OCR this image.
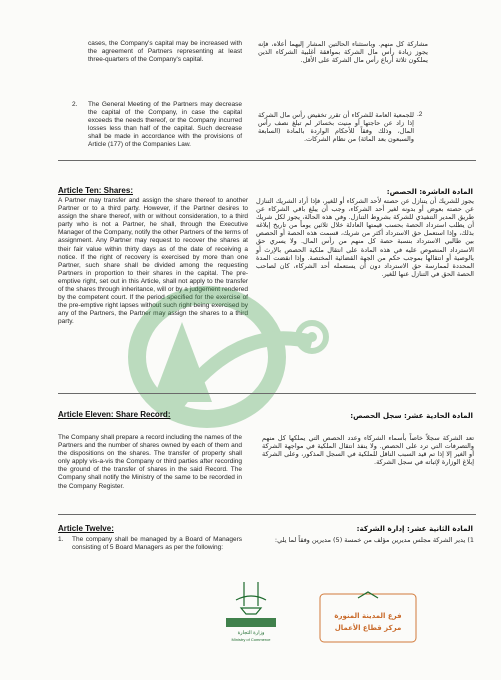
cases, the Company's capital may be increased with the agreement of Partners representing at least three-quarters of the Company's capital.
مشاركة كل منهم. وباستثناء الحالتين المشار إليهما أعلاه، فإنه يجوز زيادة رأس مال الشركة بموافقة أغلبية الشركاء الذين يملكون ثلاثة أرباع رأس مال الشركة على الأقل.
2. The General Meeting of the Partners may decrease the capital of the Company, in case the capital exceeds the needs thereof, or the Company incurred losses less than half of the capital. Such decrease shall be made in accordance with the provisions of Article (177) of the Companies Law.
.2
للجمعية العامة للشركاء أن تقرر تخفيض رأس مال الشركة إذا زاد عن حاجتها أو منيت بخسائر لم تبلغ نصف رأس المال، وذلك وفقاً للأحكام الواردة بالمادة (السابعة والسبعون بعد المائة) من نظام الشركات.
Article Ten: Shares:	المادة العاشرة: الحصص:
A Partner may transfer and assign the share thereof to another Partner or to a third party. However, if the Partner desires to assign the share thereof, with or without consideration, to a third party who is not a Partner, he shall, through the Executive Manager of the Company, notify the other Partners of the terms of assignment. Any Partner may request to recover the shares at their fair value within thirty days as of the date of receiving a notice. If the right of recovery is exercised by more than one Partner, such share shall be divided among the requesting Partners in proportion to their shares in the capital. The pre-emptive right, set out in this Article, shall not apply to the transfer of the shares through inheritance, will or by a judgement rendered by the competent court. If the period specified for the exercise of the pre-emptive right lapses without such right being exercised by any of the Partners, the Partner may assign the shares to a third party.
يجوز للشريك أن يتنازل عن حصته لأحد الشركاء أو للغير، فإذا أراد الشريك التنازل عن حصته بعوض أو بدونه لغير أحد الشركاء، وجب أن يبلغ باقي الشركاء عن طريق المدير التنفيذي للشركة بشروط التنازل. وفي هذه الحالة، يجوز لكل شريك أن يطلب استرداد الحصة بحسب قيمتها العادلة خلال ثلاثين يوماً من تاريخ إبلاغه بذلك، وإذا استعمل حق الاسترداد أكثر من شريك، قسمت هذه الحصة أو الحصص بين طالبي الاسترداد بنسبة حصة كل منهم من رأس المال. ولا يسري حق الاسترداد المنصوص عليه في هذه المادة على انتقال ملكية الحصص بالإرث أو بالوصية أو انتقالها بموجب حكم من الجهة القضائية المختصة. وإذا انقضت المدة المحددة لممارسة حق الاسترداد دون أن يستعمله أحد الشركاء، كان لصاحب الحصة الحق في التنازل عنها للغير.
Article Eleven: Share Record:	المادة الحادية عشر: سجل الحصص:
The Company shall prepare a record including the names of the Partners and the number of shares owned by each of them and the dispositions on the shares. The transfer of property shall only apply vis-a-vis the Company or third parties after recording the ground of the transfer of shares in the said Record. The Company shall notify the Ministry of the same to be recorded in the Company Register.
تعد الشركة سجلاً خاصاً بأسماء الشركاء وعدد الحصص التي يملكها كل منهم والتصرفات التي ترد على الحصص. ولا ينفذ انتقال الملكية في مواجهة الشركة أو الغير إلا إذا تم قيد السبب الناقل للملكية في السجل المذكور، وعلى الشركة إبلاغ الوزارة لإثباته في سجل الشركة.
Article Twelve:	المادة الثانية عشر: إدارة الشركة:
1. The company shall be managed by a Board of Managers consisting of 5 Board Managers as per the following:
1) يدير الشركة مجلس مديرين مؤلف من خمسة (5) مديرين وفقاً لما يلي:
وزارة التجارة
Ministry of Commerce
فرع المدينة المنورة
مركز قطاع الأعمال
